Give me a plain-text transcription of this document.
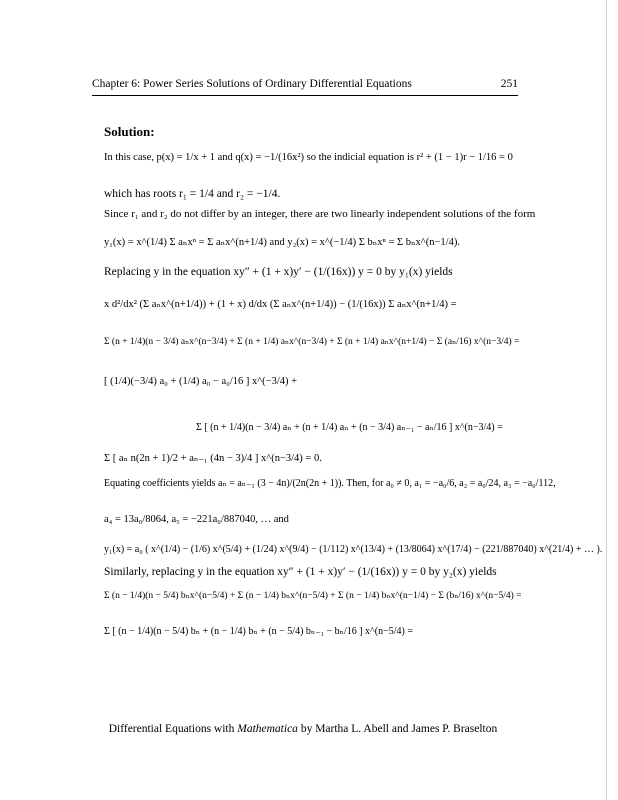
Chapter 6: Power Series Solutions of Ordinary Differential Equations	251
Solution:
In this case, p(x) = 1/x + 1 and q(x) = −1/(16x²) so the indicial equation is r² + (1 − 1)r − 1/16 = 0
which has roots r₁ = 1/4 and r₂ = −1/4.
Since r₁ and r₂ do not differ by an integer, there are two linearly independent solutions of the form
y₁(x) = x^(1/4) Σ aₙxⁿ = Σ aₙx^(n+1/4) and y₂(x) = x^(−1/4) Σ bₙxⁿ = Σ bₙx^(n−1/4).
Replacing y in the equation xy″ + (1 + x)y′ − (1/(16x)) y = 0 by y₁(x) yields
x d²/dx² (Σ aₙx^(n+1/4)) + (1 + x) d/dx (Σ aₙx^(n+1/4)) − (1/(16x)) Σ aₙx^(n+1/4) =
Σ (n + 1/4)(n − 3/4) aₙx^(n−3/4) + Σ (n + 1/4) aₙx^(n−3/4) + Σ (n + 1/4) aₙx^(n+1/4) − Σ (aₙ/16) x^(n−3/4) =
[ (1/4)(−3/4) a₀ + (1/4) a₀ − a₀/16 ] x^(−3/4) +
Σ [ (n + 1/4)(n − 3/4) aₙ + (n + 1/4) aₙ + (n − 3/4) aₙ₋₁ − aₙ/16 ] x^(n−3/4) =
Σ [ aₙ n(2n + 1)/2 + aₙ₋₁ (4n − 3)/4 ] x^(n−3/4) = 0.
Equating coefficients yields aₙ = aₙ₋₁ (3 − 4n)/(2n(2n + 1)). Then, for a₀ ≠ 0, a₁ = −a₀/6, a₂ = a₀/24, a₃ = −a₀/112,
a₄ = 13a₀/8064, a₅ = −221a₀/887040, … and
y₁(x) = a₀ ( x^(1/4) − (1/6) x^(5/4) + (1/24) x^(9/4) − (1/112) x^(13/4) + (13/8064) x^(17/4) − (221/887040) x^(21/4) + … ).
Similarly, replacing y in the equation xy″ + (1 + x)y′ − (1/(16x)) y = 0 by y₂(x) yields
Σ (n − 1/4)(n − 5/4) bₙx^(n−5/4) + Σ (n − 1/4) bₙx^(n−5/4) + Σ (n − 1/4) bₙx^(n−1/4) − Σ (bₙ/16) x^(n−5/4) =
Σ [ (n − 1/4)(n − 5/4) bₙ + (n − 1/4) bₙ + (n − 5/4) bₙ₋₁ − bₙ/16 ] x^(n−5/4) =
Differential Equations with Mathematica by Martha L. Abell and James P. Braselton
